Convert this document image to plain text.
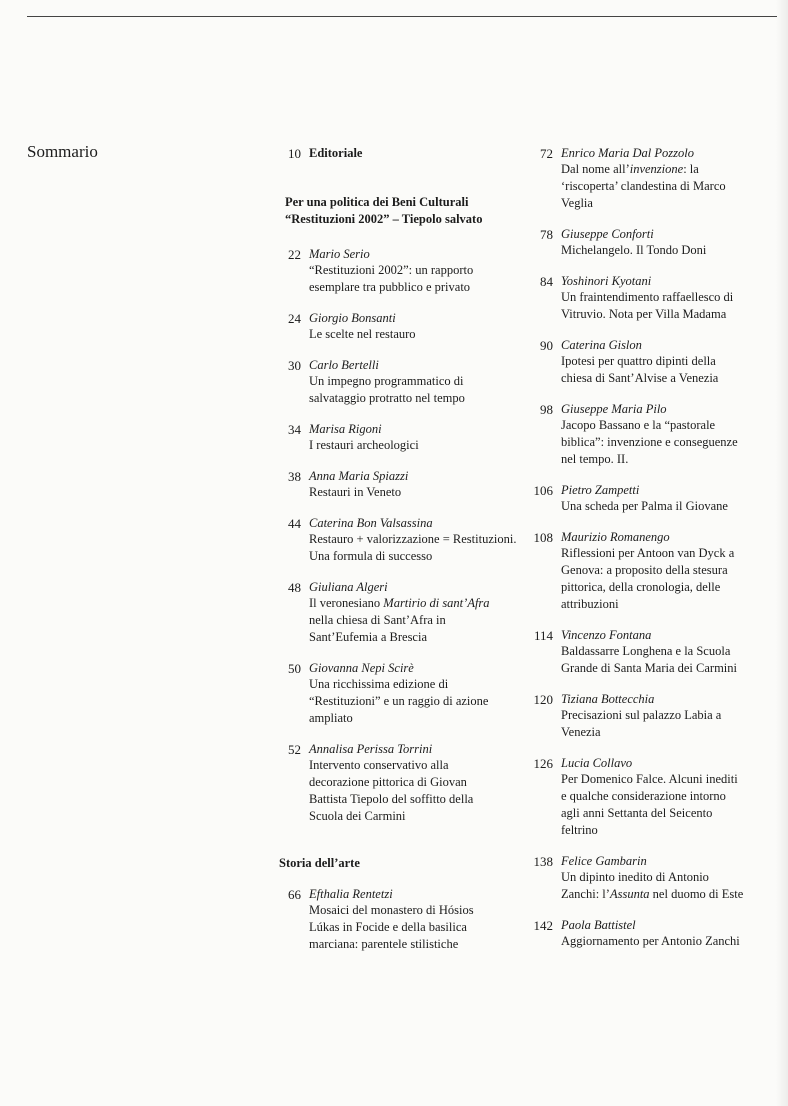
Sommario	10 Editoriale
Per una politica dei Beni Culturali
“Restituzioni 2002” – Tiepolo salvato
22 Mario Serio
“Restituzioni 2002”: un rapporto
esemplare tra pubblico e privato
24 Giorgio Bonsanti
Le scelte nel restauro
30 Carlo Bertelli
Un impegno programmatico di
salvataggio protratto nel tempo
34 Marisa Rigoni
I restauri archeologici
38 Anna Maria Spiazzi
Restauri in Veneto
44 Caterina Bon Valsassina
Restauro + valorizzazione = Restituzioni.
Una formula di successo
48 Giuliana Algeri
Il veronesiano Martirio di sant’Afra
nella chiesa di Sant’Afra in
Sant’Eufemia a Brescia
50 Giovanna Nepi Scirè
Una ricchissima edizione di
“Restituzioni” e un raggio di azione
ampliato
52 Annalisa Perissa Torrini
Intervento conservativo alla
decorazione pittorica di Giovan
Battista Tiepolo del soffitto della
Scuola dei Carmini
Storia dell’arte
66 Efthalia Rentetzi
Mosaici del monastero di Hósios
Lúkas in Focide e della basilica
marciana: parentele stilistiche
72 Enrico Maria Dal Pozzolo
Dal nome all’invenzione: la
‘riscoperta’ clandestina di Marco
Veglia
78 Giuseppe Conforti
Michelangelo. Il Tondo Doni
84 Yoshinori Kyotani
Un fraintendimento raffaellesco di
Vitruvio. Nota per Villa Madama
90 Caterina Gislon
Ipotesi per quattro dipinti della
chiesa di Sant’Alvise a Venezia
98 Giuseppe Maria Pilo
Jacopo Bassano e la “pastorale
biblica”: invenzione e conseguenze
nel tempo. II.
106 Pietro Zampetti
Una scheda per Palma il Giovane
108 Maurizio Romanengo
Riflessioni per Antoon van Dyck a
Genova: a proposito della stesura
pittorica, della cronologia, delle
attribuzioni
114 Vincenzo Fontana
Baldassarre Longhena e la Scuola
Grande di Santa Maria dei Carmini
120 Tiziana Bottecchia
Precisazioni sul palazzo Labia a
Venezia
126 Lucia Collavo
Per Domenico Falce. Alcuni inediti
e qualche considerazione intorno
agli anni Settanta del Seicento
feltrino
138 Felice Gambarin
Un dipinto inedito di Antonio
Zanchi: l’Assunta nel duomo di Este
142 Paola Battistel
Aggiornamento per Antonio Zanchi
